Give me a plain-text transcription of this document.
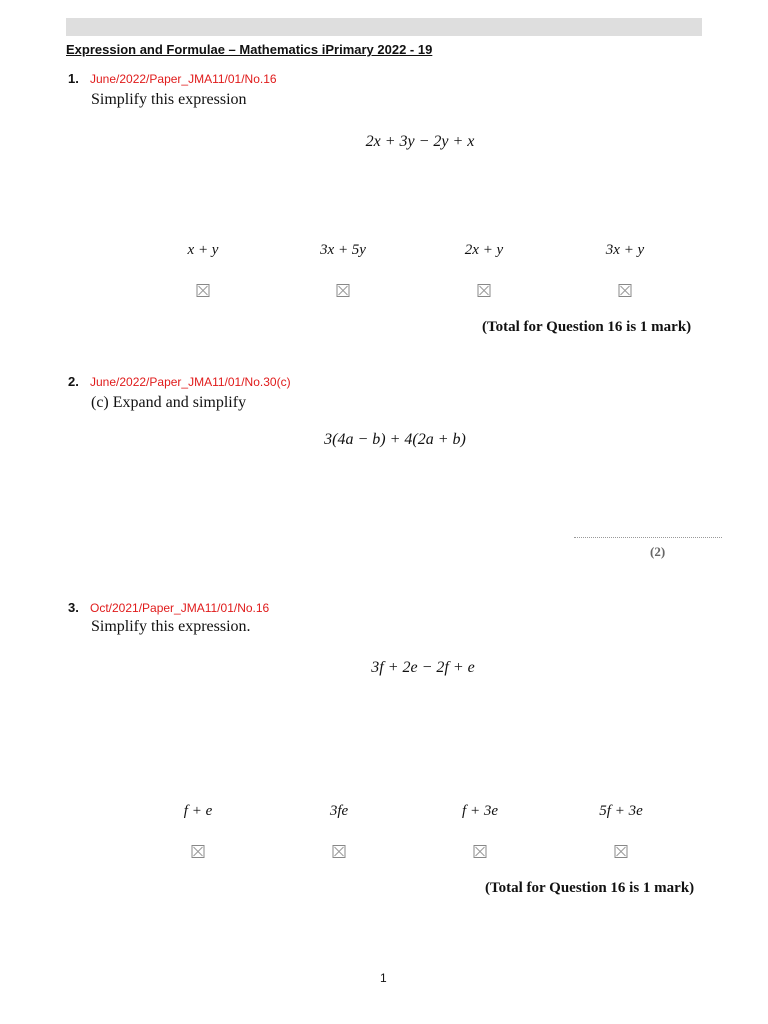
Expression and Formulae – Mathematics iPrimary 2022 - 19
1. June/2022/Paper_JMA11/01/No.16
Simplify this expression
2x + 3y − 2y + x
x + y	3x + 5y	2x + y	3x + y
(Total for Question 16 is 1 mark)
2. June/2022/Paper_JMA11/01/No.30(c)
(c) Expand and simplify
3(4a − b) + 4(2a + b)
(2)
3. Oct/2021/Paper_JMA11/01/No.16
Simplify this expression.
3f + 2e − 2f + e
f + e	3fe	f + 3e	5f + 3e
(Total for Question 16 is 1 mark)
1
